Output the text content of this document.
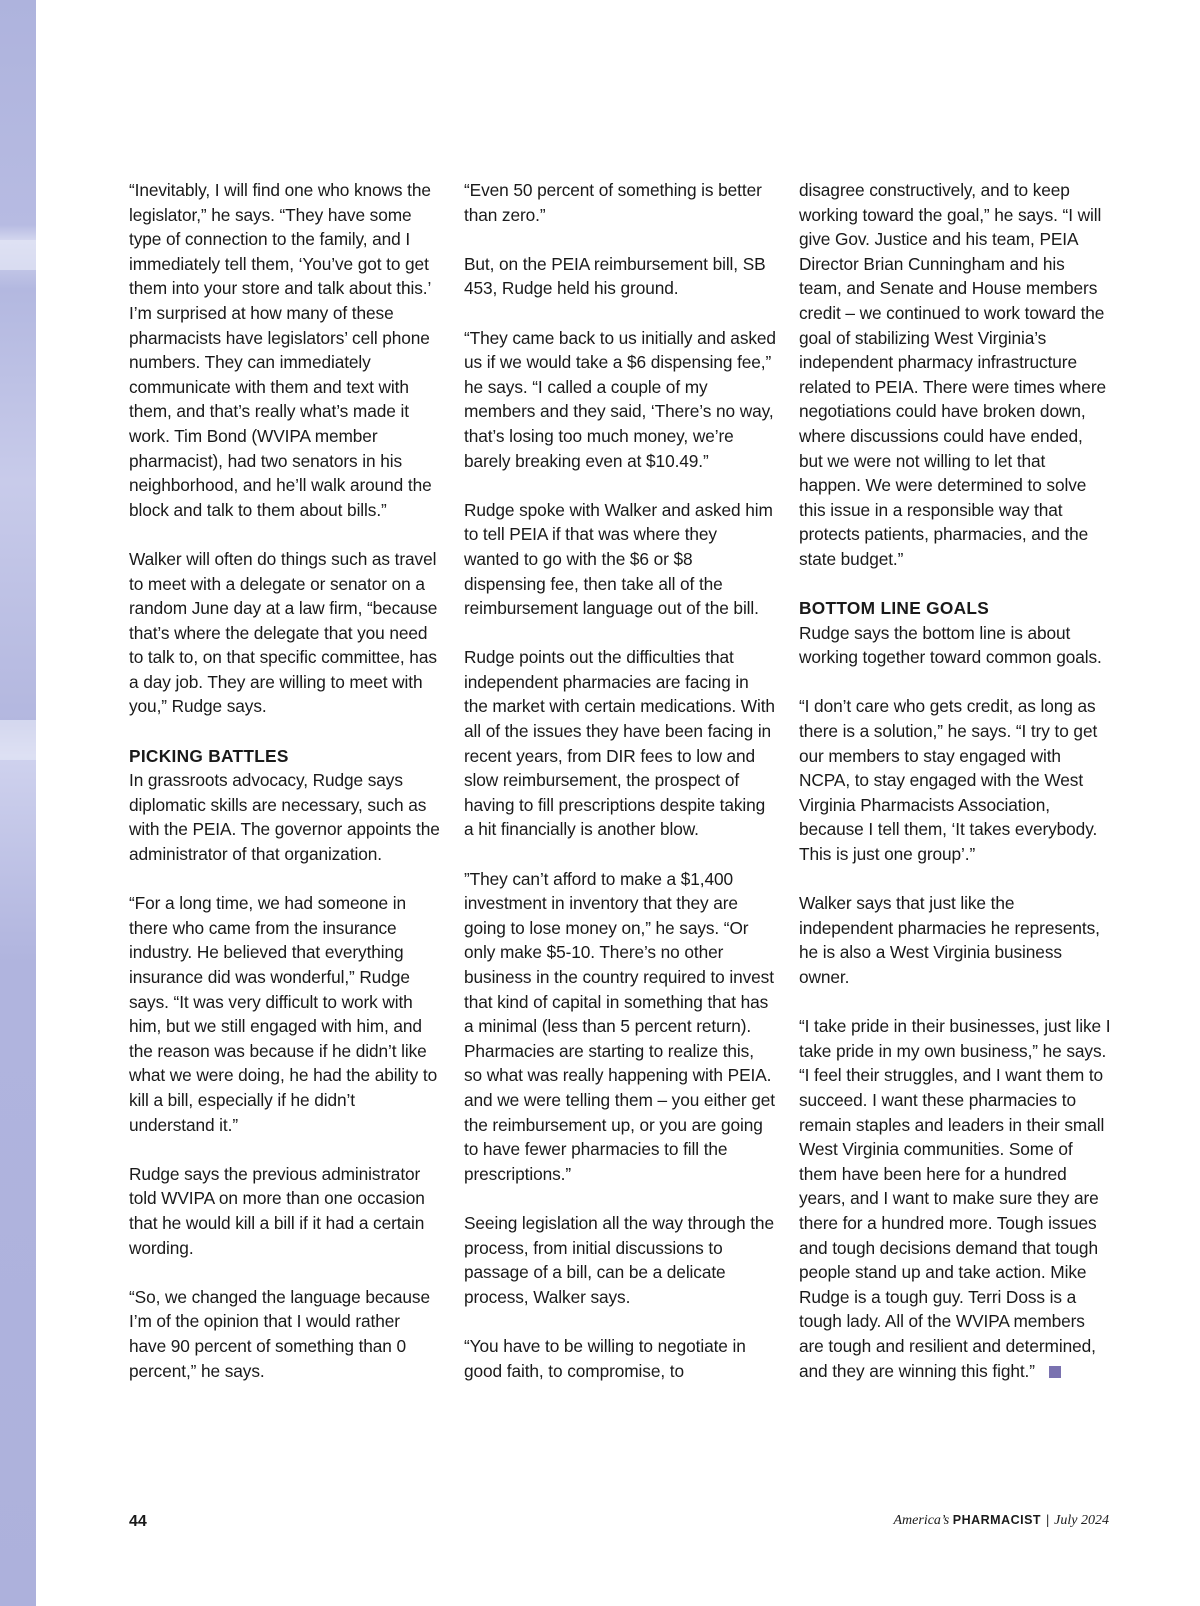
“Inevitably, I will find one who knows the legislator,” he says. “They have some type of connection to the family, and I immediately tell them, ‘You’ve got to get them into your store and talk about this.’ I’m surprised at how many of these pharmacists have legislators’ cell phone numbers. They can immediately communicate with them and text with them, and that’s really what’s made it work. Tim Bond (WVIPA member pharmacist), had two senators in his neighborhood, and he’ll walk around the block and talk to them about bills.”

Walker will often do things such as travel to meet with a delegate or senator on a random June day at a law firm, “because that’s where the delegate that you need to talk to, on that specific committee, has a day job. They are willing to meet with you,” Rudge says.

PICKING BATTLES

In grassroots advocacy, Rudge says diplomatic skills are necessary, such as with the PEIA. The governor appoints the administrator of that organization.

“For a long time, we had someone in there who came from the insurance industry. He believed that everything insurance did was wonderful,” Rudge says. “It was very difficult to work with him, but we still engaged with him, and the reason was because if he didn’t like what we were doing, he had the ability to kill a bill, especially if he didn’t understand it.”

Rudge says the previous administrator told WVIPA on more than one occasion that he would kill a bill if it had a certain wording.

“So, we changed the language because I’m of the opinion that I would rather have 90 percent of something than 0 percent,” he says.

“Even 50 percent of something is better than zero.”

But, on the PEIA reimbursement bill, SB 453, Rudge held his ground.

“They came back to us initially and asked us if we would take a $6 dispensing fee,” he says. “I called a couple of my members and they said, ‘There’s no way, that’s losing too much money, we’re barely breaking even at $10.49.”

Rudge spoke with Walker and asked him to tell PEIA if that was where they wanted to go with the $6 or $8 dispensing fee, then take all of the reimbursement language out of the bill.

Rudge points out the difficulties that independent pharmacies are facing in the market with certain medications. With all of the issues they have been facing in recent years, from DIR fees to low and slow reimbursement, the prospect of having to fill prescriptions despite taking a hit financially is another blow.

”They can’t afford to make a $1,400 investment in inventory that they are going to lose money on,” he says. “Or only make $5-10. There’s no other business in the country required to invest that kind of capital in something that has a minimal (less than 5 percent return). Pharmacies are starting to realize this, so what was really happening with PEIA. and we were telling them – you either get the reimbursement up, or you are going to have fewer pharmacies to fill the prescriptions.”

Seeing legislation all the way through the process, from initial discussions to passage of a bill, can be a delicate process, Walker says.

“You have to be willing to negotiate in good faith, to compromise, to

disagree constructively, and to keep working toward the goal,” he says. “I will give Gov. Justice and his team, PEIA Director Brian Cunningham and his team, and Senate and House members credit – we continued to work toward the goal of stabilizing West Virginia’s independent pharmacy infrastructure related to PEIA. There were times where negotiations could have broken down, where discussions could have ended, but we were not willing to let that happen. We were determined to solve this issue in a responsible way that protects patients, pharmacies, and the state budget.”

BOTTOM LINE GOALS

Rudge says the bottom line is about working together toward common goals.

“I don’t care who gets credit, as long as there is a solution,” he says. “I try to get our members to stay engaged with NCPA, to stay engaged with the West Virginia Pharmacists Association, because I tell them, ‘It takes everybody. This is just one group’.”

Walker says that just like the independent pharmacies he represents, he is also a West Virginia business owner.

“I take pride in their businesses, just like I take pride in my own business,” he says. “I feel their struggles, and I want them to succeed. I want these pharmacies to remain staples and leaders in their small West Virginia communities. Some of them have been here for a hundred years, and I want to make sure they are there for a hundred more. Tough issues and tough decisions demand that tough people stand up and take action. Mike Rudge is a tough guy. Terri Doss is a tough lady. All of the WVIPA members are tough and resilient and determined, and they are winning this fight.”

44	America’s PHARMACIST | July 2024
